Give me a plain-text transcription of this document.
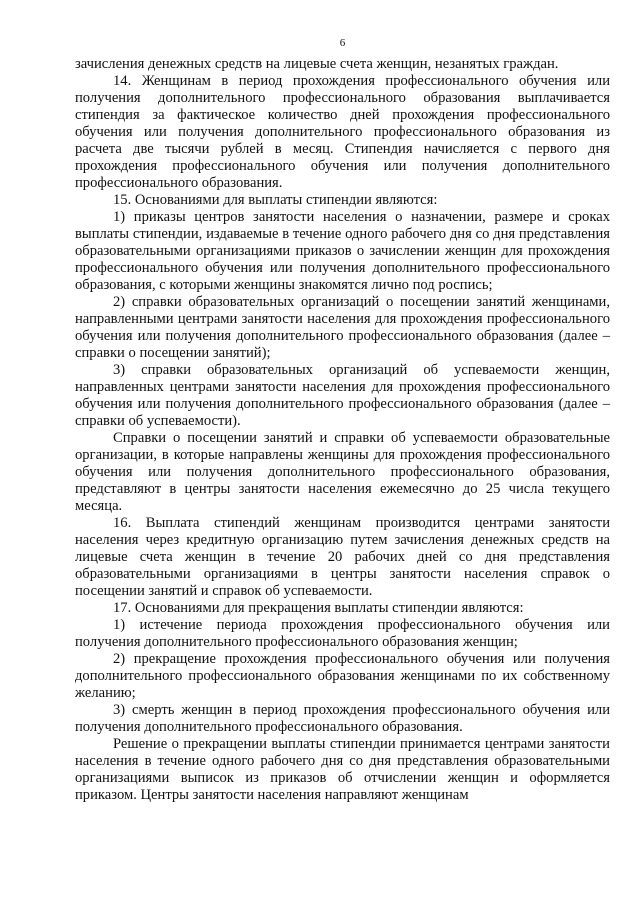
6

зачисления денежных средств на лицевые счета женщин, незанятых граждан.

14. Женщинам в период прохождения профессионального обучения или получения дополнительного профессионального образования выплачивается стипендия за фактическое количество дней прохождения профессионального обучения или получения дополнительного профессионального образования из расчета две тысячи рублей в месяц. Стипендия начисляется с первого дня прохождения профессионального обучения или получения дополнительного профессионального образования.

15. Основаниями для выплаты стипендии являются:

1) приказы центров занятости населения о назначении, размере и сроках выплаты стипендии, издаваемые в течение одного рабочего дня со дня представления образовательными организациями приказов о зачислении женщин для прохождения профессионального обучения или получения дополнительного профессионального образования, с которыми женщины знакомятся лично под роспись;

2) справки образовательных организаций о посещении занятий женщинами, направленными центрами занятости населения для прохождения профессионального обучения или получения дополнительного профессионального образования (далее – справки о посещении занятий);

3) справки образовательных организаций об успеваемости женщин, направленных центрами занятости населения для прохождения профессионального обучения или получения дополнительного профессионального образования (далее – справки об успеваемости).

Справки о посещении занятий и справки об успеваемости образовательные организации, в которые направлены женщины для прохождения профессионального обучения или получения дополнительного профессионального образования, представляют в центры занятости населения ежемесячно до 25 числа текущего месяца.

16. Выплата стипендий женщинам производится центрами занятости населения через кредитную организацию путем зачисления денежных средств на лицевые счета женщин в течение 20 рабочих дней со дня представления образовательными организациями в центры занятости населения справок о посещении занятий и справок об успеваемости.

17. Основаниями для прекращения выплаты стипендии являются:

1) истечение периода прохождения профессионального обучения или получения дополнительного профессионального образования женщин;

2) прекращение прохождения профессионального обучения или получения дополнительного профессионального образования женщинами по их собственному желанию;

3) смерть женщин в период прохождения профессионального обучения или получения дополнительного профессионального образования.

Решение о прекращении выплаты стипендии принимается центрами занятости населения в течение одного рабочего дня со дня представления образовательными организациями выписок из приказов об отчислении женщин и оформляется приказом. Центры занятости населения направляют женщинам
